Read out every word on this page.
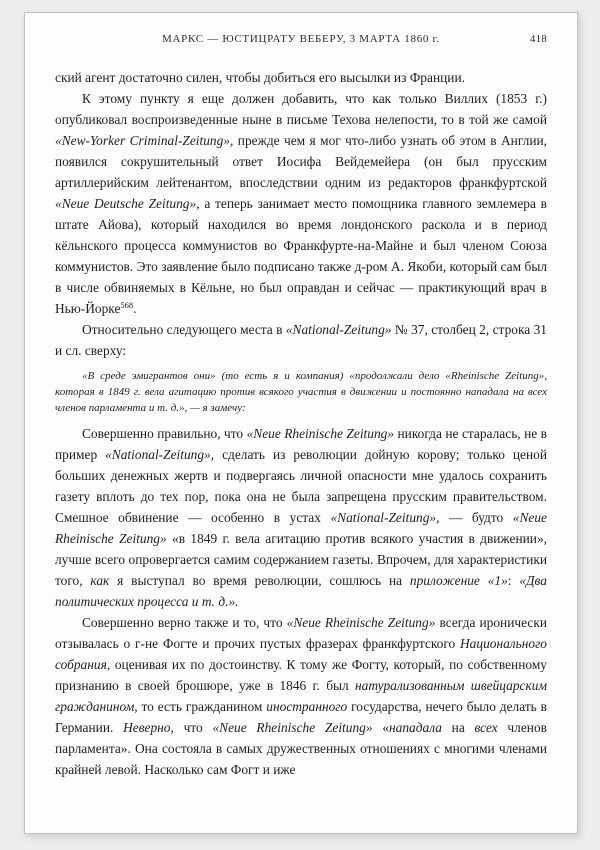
МАРКС — ЮСТИЦРАТУ ВЕБЕРУ, 3 МАРТА 1860 г.	418

ский агент достаточно силен, чтобы добиться его высылки из Франции.

К этому пункту я еще должен добавить, что как только Виллих (1853 г.) опубликовал воспроизведенные ныне в письме Техова нелепости, то в той же самой «New-Yorker Criminal-Zeitung», прежде чем я мог что-либо узнать об этом в Англии, появился сокрушительный ответ Иосифа Вейдемейера (он был прусским артиллерийским лейтенантом, впоследствии одним из редакторов франкфуртской «Neue Deutsche Zeitung», а теперь занимает место помощника главного землемера в штате Айова), который находился во время лондонского раскола и в период кёльнского процесса коммунистов во Франкфурте-на-Майне и был членом Союза коммунистов. Это заявление было подписано также д-ром А. Якоби, который сам был в числе обвиняемых в Кёльне, но был оправдан и сейчас — практикующий врач в Нью-Йорке$^{568}$.

Относительно следующего места в «National-Zeitung» № 37, столбец 2, строка 31 и сл. сверху:

«В среде эмигрантов они» (то есть я и компания) «продолжали дело «Rheinische Zeitung», которая в 1849 г. вела агитацию против всякого участия в движении и постоянно нападала на всех членов парламента и т. д.», — я замечу:

Совершенно правильно, что «Neue Rheinische Zeitung» никогда не старалась, не в пример «National-Zeitung», сделать из революции дойную корову; только ценой больших денежных жертв и подвергаясь личной опасности мне удалось сохранить газету вплоть до тех пор, пока она не была запрещена прусским правительством. Смешное обвинение — особенно в устах «National-Zeitung», — будто «Neue Rheinische Zeitung» «в 1849 г. вела агитацию против всякого участия в движении», лучше всего опровергается самим содержанием газеты. Впрочем, для характеристики того, как я выступал во время революции, сошлюсь на приложение «1»: «Два политических процесса и т. д.».

Совершенно верно также и то, что «Neue Rheinische Zeitung» всегда иронически отзывалась о г-не Фогте и прочих пустых фразерах франкфуртского Национального собрания, оценивая их по достоинству. К тому же Фогту, который, по собственному признанию в своей брошюре, уже в 1846 г. был натурализованным швейцарским гражданином, то есть гражданином иностранного государства, нечего было делать в Германии. Неверно, что «Neue Rheinische Zeitung» «нападала на всех членов парламента». Она состояла в самых дружественных отношениях с многими членами крайней левой. Насколько сам Фогт и иже
